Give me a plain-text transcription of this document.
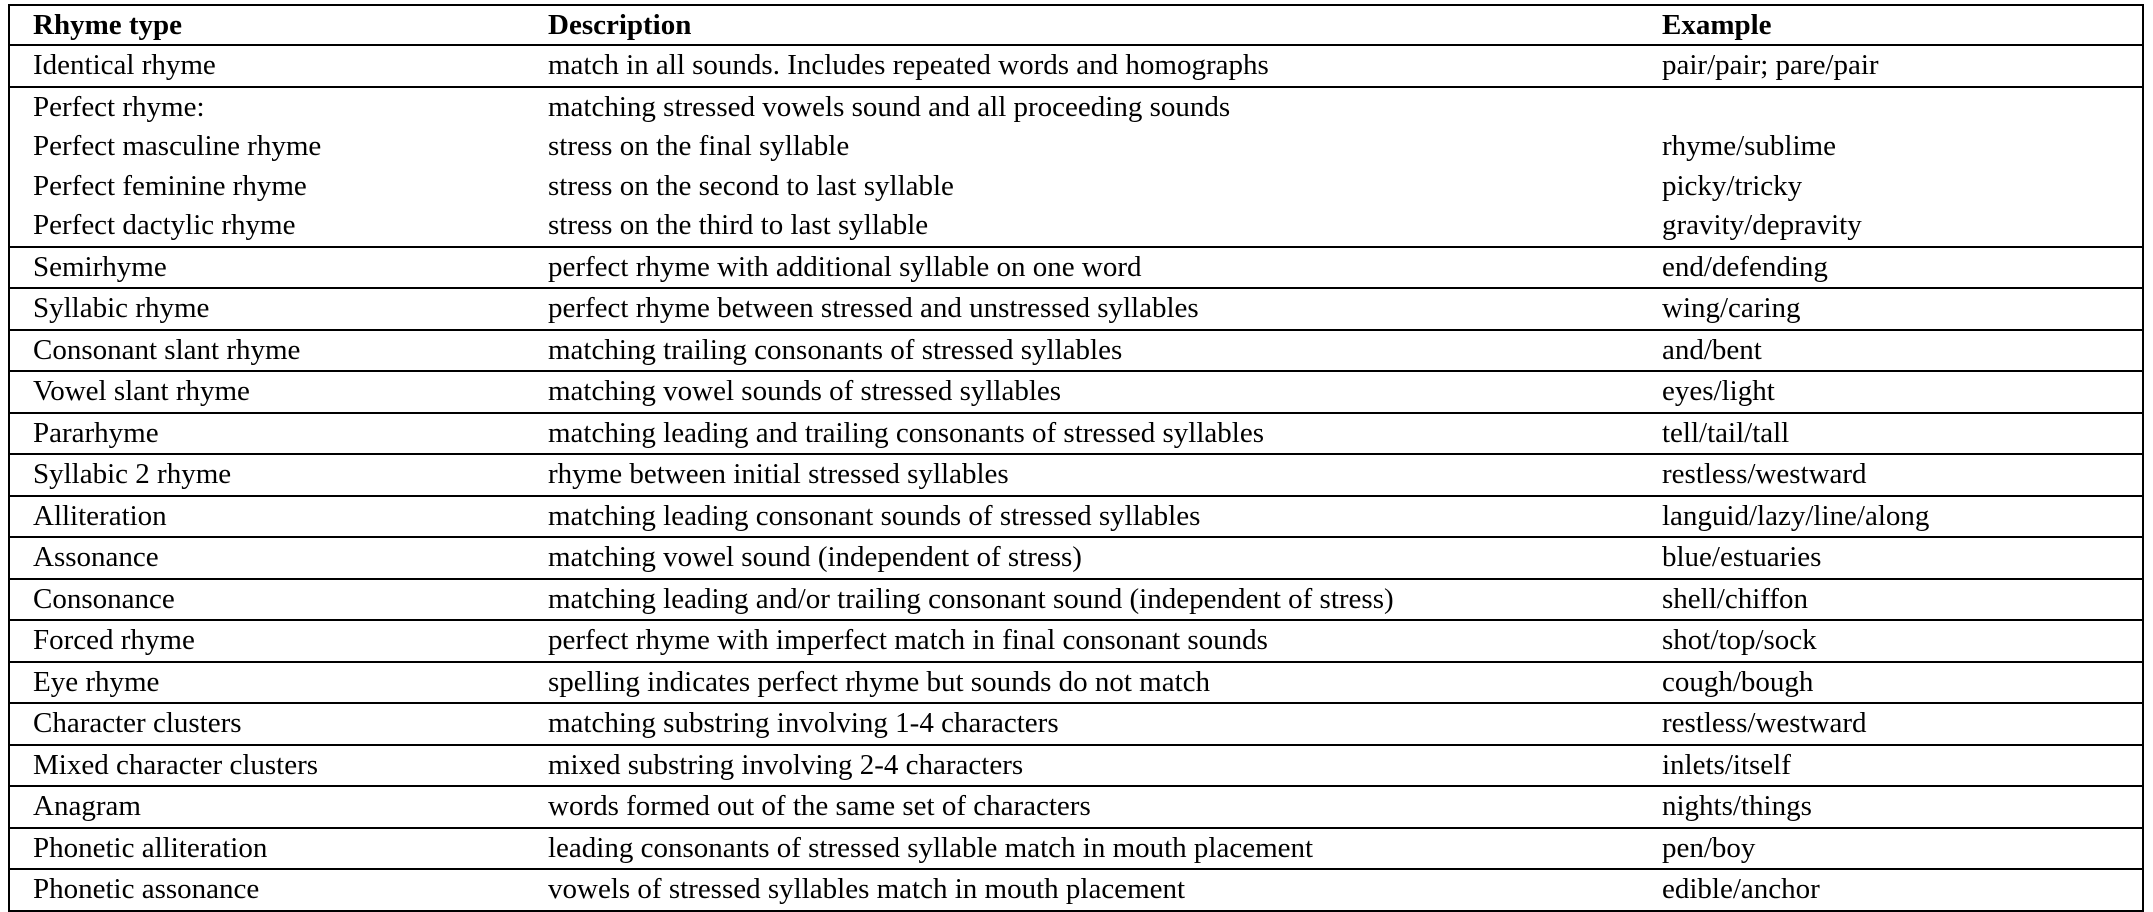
Rhyme type	Description	Example
Identical rhyme	match in all sounds. Includes repeated words and homographs	pair/pair; pare/pair
Perfect rhyme:	matching stressed vowels sound and all proceeding sounds	
Perfect masculine rhyme	stress on the final syllable	rhyme/sublime
Perfect feminine rhyme	stress on the second to last syllable	picky/tricky
Perfect dactylic rhyme	stress on the third to last syllable	gravity/depravity
Semirhyme	perfect rhyme with additional syllable on one word	end/defending
Syllabic rhyme	perfect rhyme between stressed and unstressed syllables	wing/caring
Consonant slant rhyme	matching trailing consonants of stressed syllables	and/bent
Vowel slant rhyme	matching vowel sounds of stressed syllables	eyes/light
Pararhyme	matching leading and trailing consonants of stressed syllables	tell/tail/tall
Syllabic 2 rhyme	rhyme between initial stressed syllables	restless/westward
Alliteration	matching leading consonant sounds of stressed syllables	languid/lazy/line/along
Assonance	matching vowel sound (independent of stress)	blue/estuaries
Consonance	matching leading and/or trailing consonant sound (independent of stress)	shell/chiffon
Forced rhyme	perfect rhyme with imperfect match in final consonant sounds	shot/top/sock
Eye rhyme	spelling indicates perfect rhyme but sounds do not match	cough/bough
Character clusters	matching substring involving 1-4 characters	restless/westward
Mixed character clusters	mixed substring involving 2-4 characters	inlets/itself
Anagram	words formed out of the same set of characters	nights/things
Phonetic alliteration	leading consonants of stressed syllable match in mouth placement	pen/boy
Phonetic assonance	vowels of stressed syllables match in mouth placement	edible/anchor
